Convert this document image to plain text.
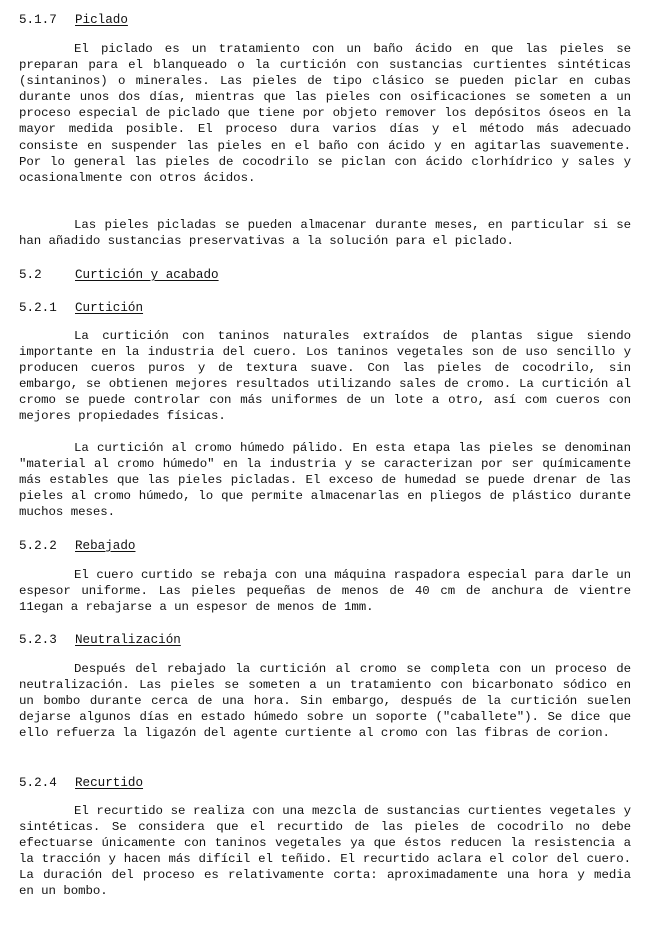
5.1.7 Piclado

El piclado es un tratamiento con un baño ácido en que las pieles se preparan para el blanqueado o la curtición con sustancias curtientes sintéticas (sintaninos) o minerales. Las pieles de tipo clásico se pueden piclar en cubas durante unos dos días, mientras que las pieles con osificaciones se someten a un proceso especial de piclado que tiene por objeto remover los depósitos óseos en la mayor medida posible. El proceso dura varios días y el método más adecuado consiste en suspender las pieles en el baño con ácido y en agitarlas suavemente. Por lo general las pieles de cocodrilo se piclan con ácido clorhídrico y sales y ocasionalmente con otros ácidos.

Las pieles picladas se pueden almacenar durante meses, en particular si se han añadido sustancias preservativas a la solución para el piclado.

5.2	Curtición y acabado
5.2.1 Curtición

La curtición con taninos naturales extraídos de plantas sigue siendo importante en la industria del cuero. Los taninos vegetales son de uso sencillo y producen cueros puros y de textura suave. Con las pieles de cocodrilo, sin embargo, se obtienen mejores resultados utilizando sales de cromo. La curtición al cromo se puede controlar con más uniformes de un lote a otro, así com cueros con mejores propiedades físicas.

La curtición al cromo húmedo pálido. En esta etapa las pieles se denominan "material al cromo húmedo" en la industria y se caracterizan por ser químicamente más estables que las pieles picladas. El exceso de humedad se puede drenar de las pieles al cromo húmedo, lo que permite almacenarlas en pliegos de plástico durante muchos meses.

5.2.2 Rebajado

El cuero curtido se rebaja con una máquina raspadora especial para darle un espesor uniforme. Las pieles pequeñas de menos de 40 cm de anchura de vientre 11egan a rebajarse a un espesor de menos de 1mm.

5.2.3 Neutralización

Después del rebajado la curtición al cromo se completa con un proceso de neutralización. Las pieles se someten a un tratamiento con bicarbonato sódico en un bombo durante cerca de una hora. Sin embargo, después de la curtición suelen dejarse algunos días en estado húmedo sobre un soporte ("caballete"). Se dice que ello refuerza la ligazón del agente curtiente al cromo con las fibras de corion.

5.2.4 Recurtido

El recurtido se realiza con una mezcla de sustancias curtientes vegetales y sintéticas. Se considera que el recurtido de las pieles de cocodrilo no debe efectuarse únicamente con taninos vegetales ya que éstos reducen la resistencia a la tracción y hacen más difícil el teñido. El recurtido aclara el color del cuero. La duración del proceso es relativamente corta: aproximadamente una hora y media en un bombo.
